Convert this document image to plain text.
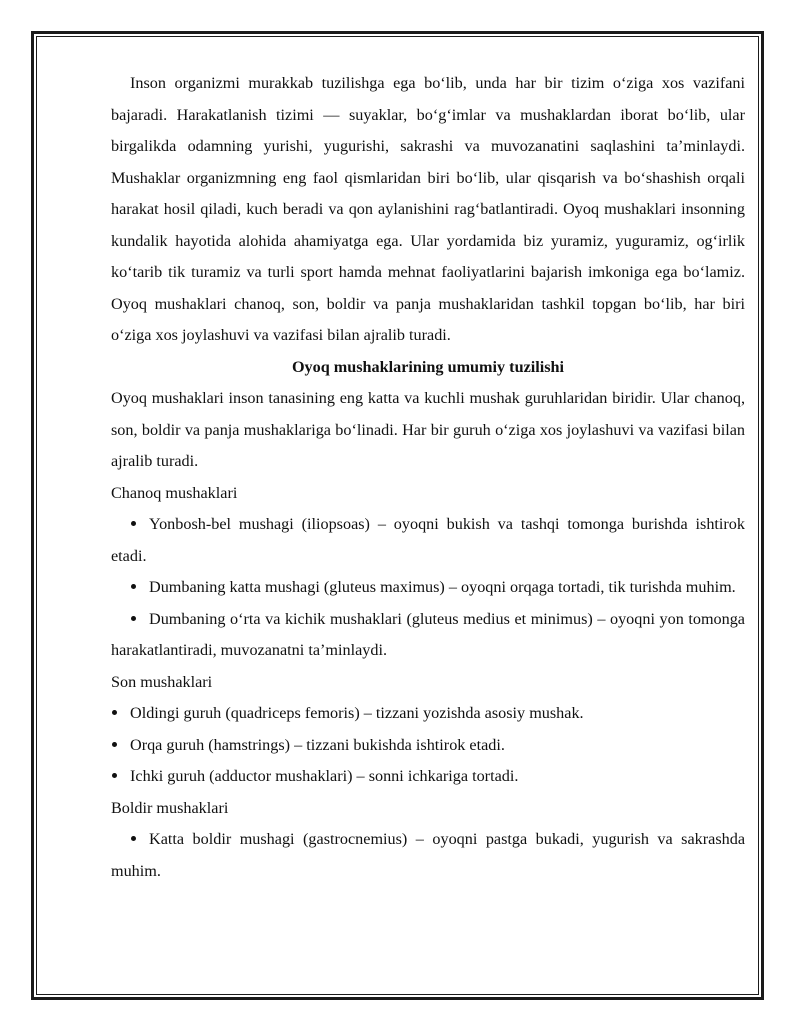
Inson organizmi murakkab tuzilishga ega bo‘lib, unda har bir tizim o‘ziga xos vazifani bajaradi. Harakatlanish tizimi — suyaklar, bo‘g‘imlar va mushaklardan iborat bo‘lib, ular birgalikda odamning yurishi, yugurishi, sakrashi va muvozanatini saqlashini ta’minlaydi. Mushaklar organizmning eng faol qismlaridan biri bo‘lib, ular qisqarish va bo‘shashish orqali harakat hosil qiladi, kuch beradi va qon aylanishini rag‘batlantiradi. Oyoq mushaklari insonning kundalik hayotida alohida ahamiyatga ega. Ular yordamida biz yuramiz, yuguramiz, og‘irlik ko‘tarib tik turamiz va turli sport hamda mehnat faoliyatlarini bajarish imkoniga ega bo‘lamiz. Oyoq mushaklari chanoq, son, boldir va panja mushaklaridan tashkil topgan bo‘lib, har biri o‘ziga xos joylashuvi va vazifasi bilan ajralib turadi.

Oyoq mushaklarining umumiy tuzilishi

Oyoq mushaklari inson tanasining eng katta va kuchli mushak guruhlaridan biridir. Ular chanoq, son, boldir va panja mushaklariga bo‘linadi. Har bir guruh o‘ziga xos joylashuvi va vazifasi bilan ajralib turadi.

Chanoq mushaklari

Yonbosh-bel mushagi (iliopsoas) – oyoqni bukish va tashqi tomonga burishda ishtirok etadi.

Dumbaning katta mushagi (gluteus maximus) – oyoqni orqaga tortadi, tik turishda muhim.

Dumbaning o‘rta va kichik mushaklari (gluteus medius et minimus) – oyoqni yon tomonga harakatlantiradi, muvozanatni ta’minlaydi.

Son mushaklari

Oldingi guruh (quadriceps femoris) – tizzani yozishda asosiy mushak.

Orqa guruh (hamstrings) – tizzani bukishda ishtirok etadi.

Ichki guruh (adductor mushaklari) – sonni ichkariga tortadi.

Boldir mushaklari

Katta boldir mushagi (gastrocnemius) – oyoqni pastga bukadi, yugurish va sakrashda muhim.
